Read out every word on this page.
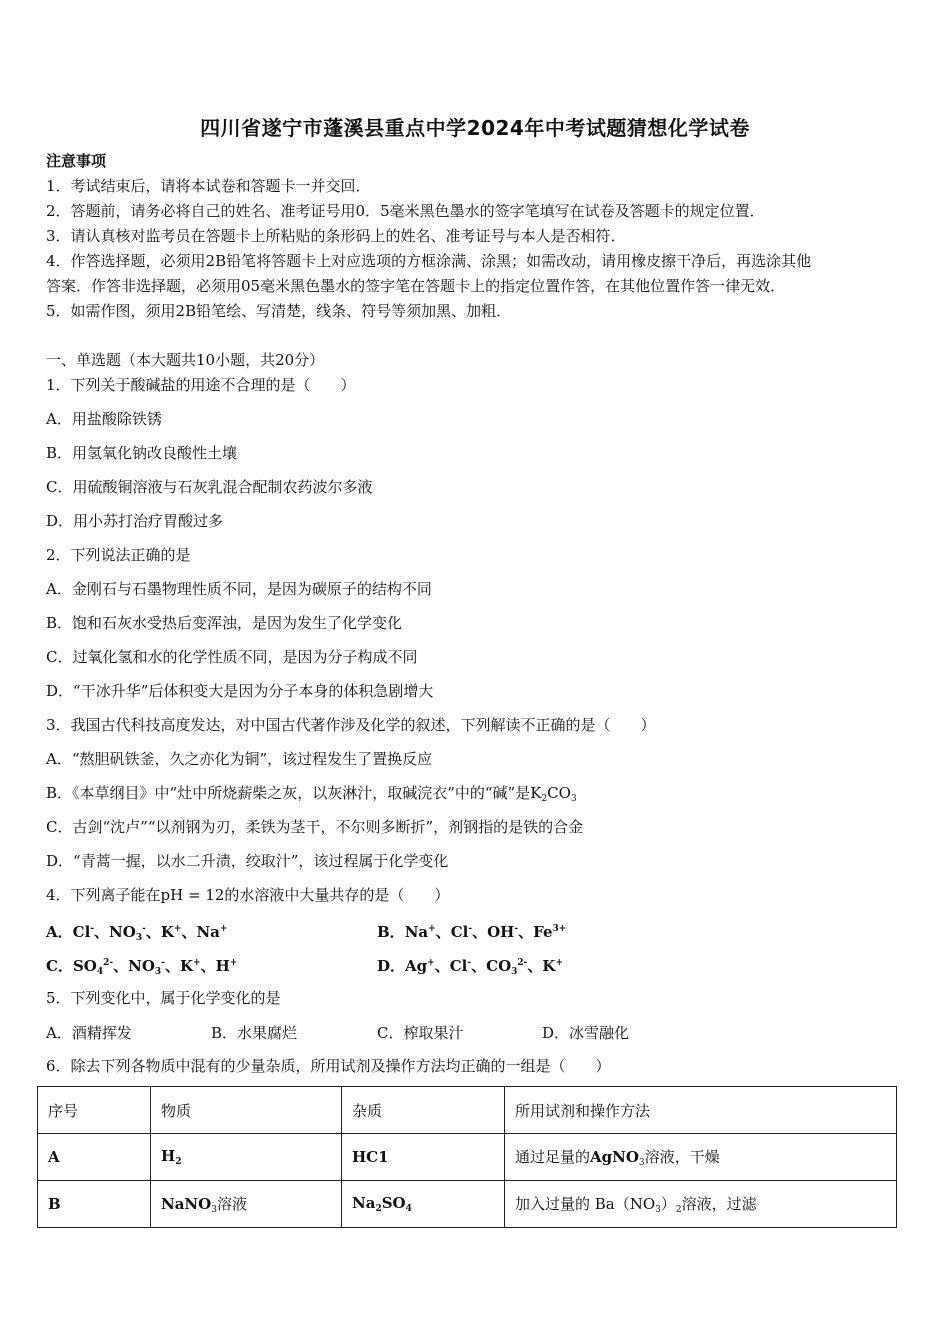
四川省遂宁市蓬溪县重点中学2024年中考试题猜想化学试卷
注意事项
1．考试结束后，请将本试卷和答题卡一并交回．
2．答题前，请务必将自己的姓名、准考证号用0．5毫米黑色墨水的签字笔填写在试卷及答题卡的规定位置．
3．请认真核对监考员在答题卡上所粘贴的条形码上的姓名、准考证号与本人是否相符．
4．作答选择题，必须用2B铅笔将答题卡上对应选项的方框涂满、涂黑；如需改动，请用橡皮擦干净后，再选涂其他
答案．作答非选择题，必须用05毫米黑色墨水的签字笔在答题卡上的指定位置作答，在其他位置作答一律无效．
5．如需作图，须用2B铅笔绘、写清楚，线条、符号等须加黑、加粗．
一、单选题（本大题共10小题，共20分）
1．下列关于酸碱盐的用途不合理的是（　　）
A．用盐酸除铁锈
B．用氢氧化钠改良酸性土壤
C．用硫酸铜溶液与石灰乳混合配制农药波尔多液
D．用小苏打治疗胃酸过多
2．下列说法正确的是
A．金刚石与石墨物理性质不同，是因为碳原子的结构不同
B．饱和石灰水受热后变浑浊，是因为发生了化学变化
C．过氧化氢和水的化学性质不同，是因为分子构成不同
D．“干冰升华”后体积变大是因为分子本身的体积急剧增大
3．我国古代科技高度发达，对中国古代著作涉及化学的叙述，下列解读不正确的是（　　）
A．“熬胆矾铁釜，久之亦化为铜”，该过程发生了置换反应
B．《本草纲目》中“灶中所烧薪柴之灰，以灰淋汁，取碱浣衣”中的“碱”是$K_2CO_3$
C．古剑“沈卢”“以剂钢为刃，柔铁为茎干，不尔则多断折”，剂钢指的是铁的合金
D．“青蒿一握，以水二升渍，绞取汁”，该过程属于化学变化
4．下列离子能在pH = 12的水溶液中大量共存的是（　　）
A．Cl-、$NO_3^-$、K+、Na+	B．Na+、Cl-、OH-、$Fe^{3+}$
C．$SO_4^{2-}$、$NO_3^-$、K+、H+	D．Ag+、Cl-、$CO_3^{2-}$、K+
5．下列变化中，属于化学变化的是
A．酒精挥发	B．水果腐烂	C．榨取果汁	D．冰雪融化
6．除去下列各物质中混有的少量杂质，所用试剂及操作方法均正确的一组是（　　）
序号	物质	杂质	所用试剂和操作方法
A	$H_2$	HC1	通过足量的AgNO$_3$溶液，干燥
B	NaNO$_3$溶液	$Na_2SO_4$	加入过量的 $Ba(NO_3)_2$溶液，过滤
